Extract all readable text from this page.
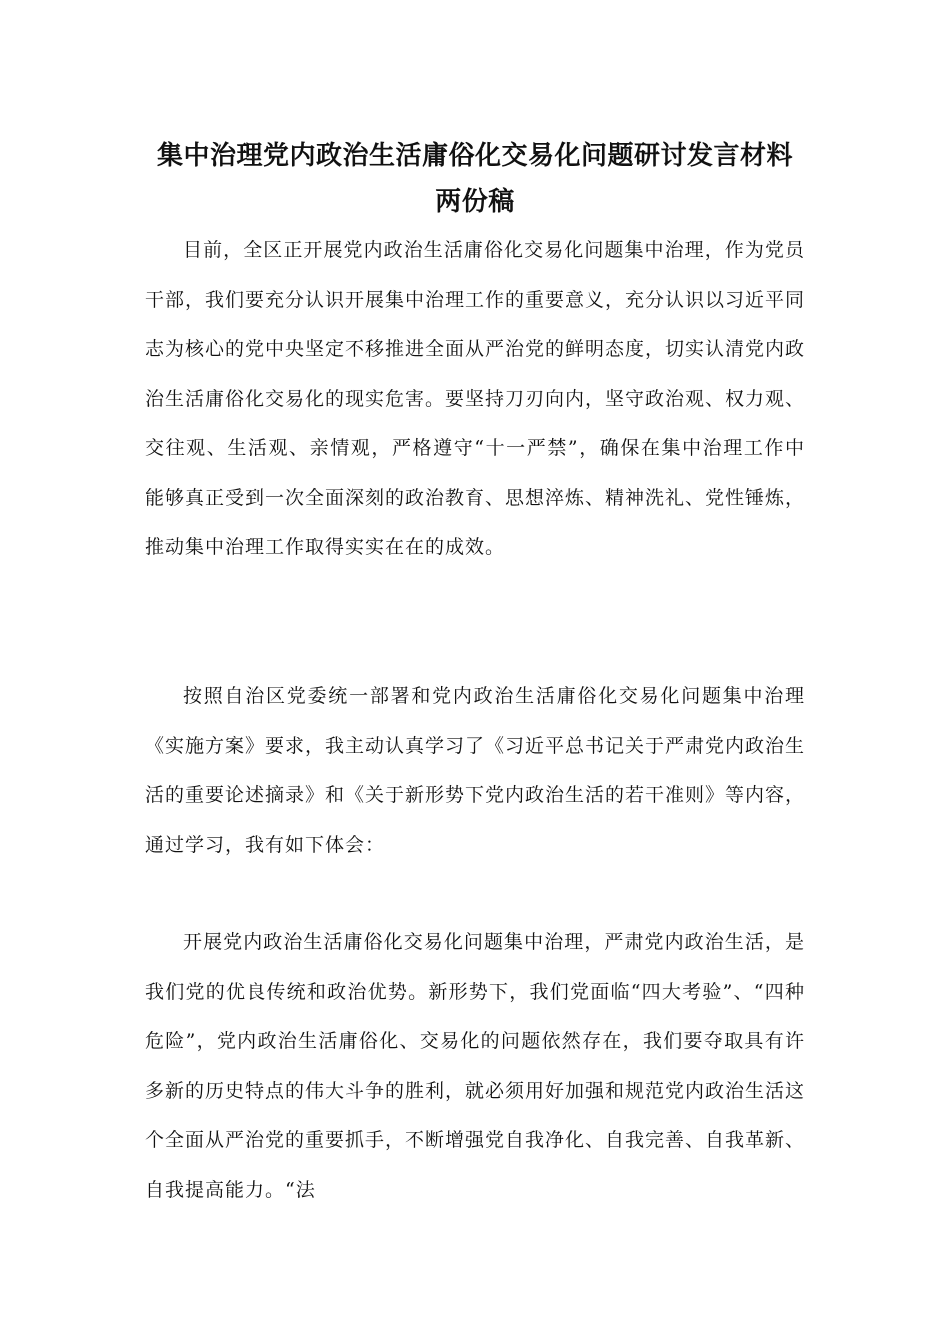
集中治理党内政治生活庸俗化交易化问题研讨发言材料两份稿

目前，全区正开展党内政治生活庸俗化交易化问题集中治理，作为党员干部，我们要充分认识开展集中治理工作的重要意义，充分认识以习近平同志为核心的党中央坚定不移推进全面从严治党的鲜明态度，切实认清党内政治生活庸俗化交易化的现实危害。要坚持刀刃向内，坚守政治观、权力观、交往观、生活观、亲情观，严格遵守“十一严禁”，确保在集中治理工作中能够真正受到一次全面深刻的政治教育、思想淬炼、精神洗礼、党性锤炼，推动集中治理工作取得实实在在的成效。

按照自治区党委统一部署和党内政治生活庸俗化交易化问题集中治理《实施方案》要求，我主动认真学习了《习近平总书记关于严肃党内政治生活的重要论述摘录》和《关于新形势下党内政治生活的若干准则》等内容，通过学习，我有如下体会：

开展党内政治生活庸俗化交易化问题集中治理，严肃党内政治生活，是我们党的优良传统和政治优势。新形势下，我们党面临“四大考验”、“四种危险”，党内政治生活庸俗化、交易化的问题依然存在，我们要夺取具有许多新的历史特点的伟大斗争的胜利，就必须用好加强和规范党内政治生活这个全面从严治党的重要抓手，不断增强党自我净化、自我完善、自我革新、自我提高能力。“法
